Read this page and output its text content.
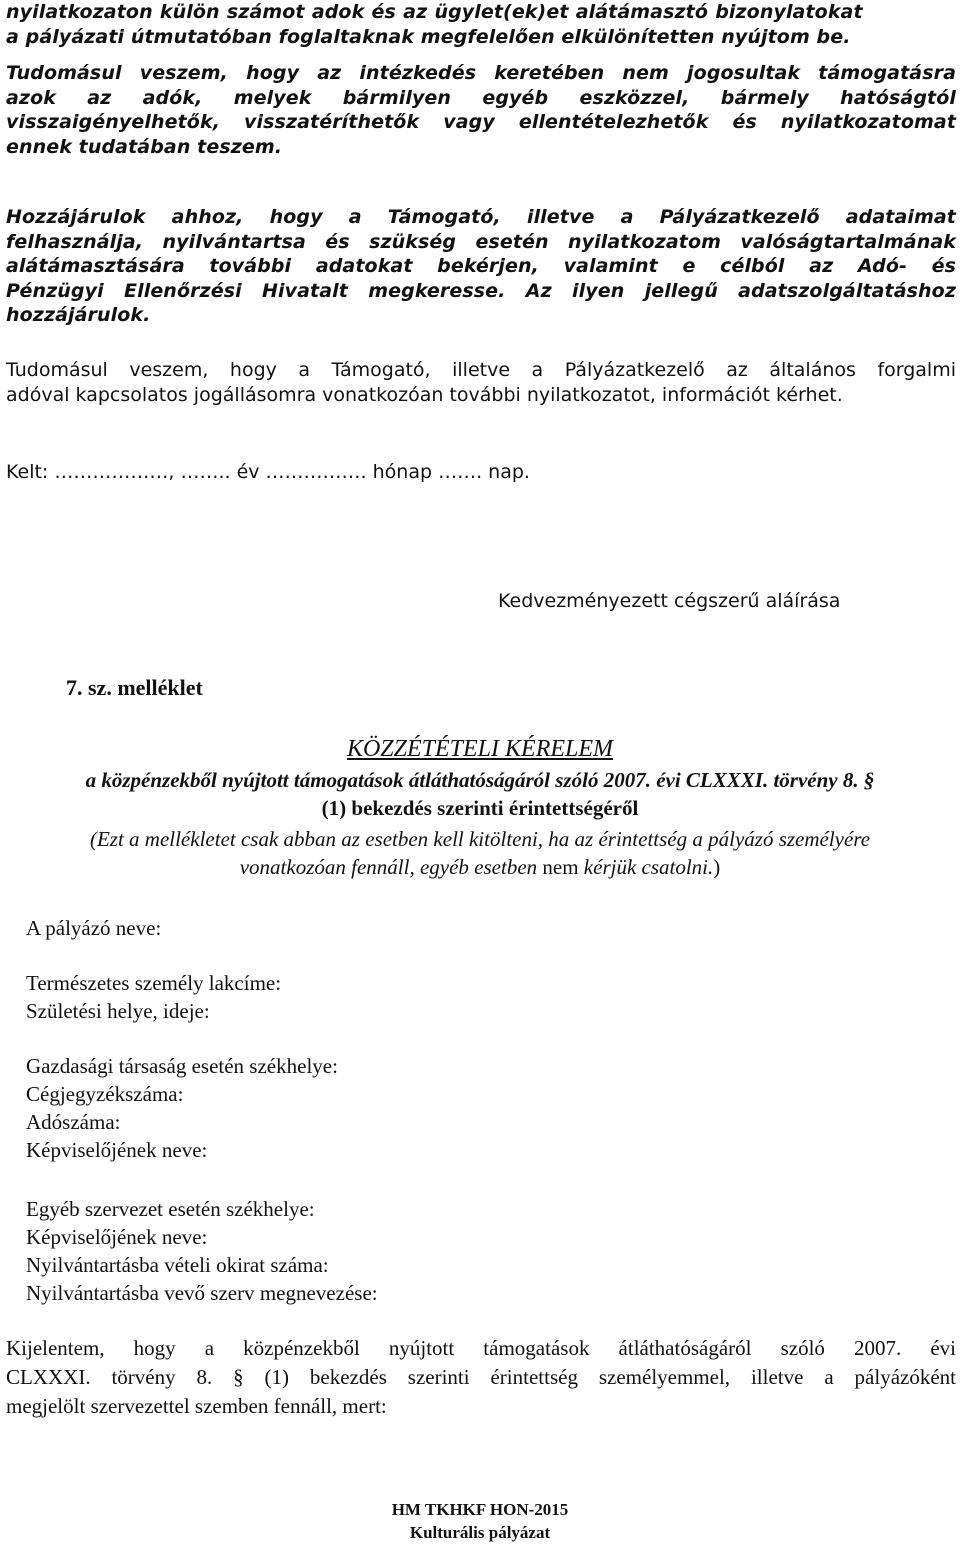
nyilatkozaton külön számot adok és az ügylet(ek)et alátámasztó bizonylatokat
a pályázati útmutatóban foglaltaknak megfelelően elkülönítetten nyújtom be.
Tudomásul veszem, hogy az intézkedés keretében nem jogosultak támogatásra
azok az adók, melyek bármilyen egyéb eszközzel, bármely hatóságtól
visszaigényelhetők, visszatéríthetők vagy ellentételezhetők és nyilatkozatomat
ennek tudatában teszem.
Hozzájárulok ahhoz, hogy a Támogató, illetve a Pályázatkezelő adataimat
felhasználja, nyilvántartsa és szükség esetén nyilatkozatom valóságtartalmának
alátámasztására további adatokat bekérjen, valamint e célból az Adó- és
Pénzügyi Ellenőrzési Hivatalt megkeresse. Az ilyen jellegű adatszolgáltatáshoz
hozzájárulok.
Tudomásul veszem, hogy a Támogató, illetve a Pályázatkezelő az általános forgalmi
adóval kapcsolatos jogállásomra vonatkozóan további nyilatkozatot, információt kérhet.
Kelt: ………………, …….. év ……………. hónap ……. nap.
Kedvezményezett cégszerű aláírása
7. sz. melléklet
KÖZZÉTÉTELI KÉRELEM
a közpénzekből nyújtott támogatások átláthatóságáról szóló 2007. évi CLXXXI. törvény 8. §
(1) bekezdés szerinti érintettségéről
(Ezt a mellékletet csak abban az esetben kell kitölteni, ha az érintettség a pályázó személyére
vonatkozóan fennáll, egyéb esetben nem kérjük csatolni.)
A pályázó neve:
Természetes személy lakcíme:
Születési helye, ideje:
Gazdasági társaság esetén székhelye:
Cégjegyzékszáma:
Adószáma:
Képviselőjének neve:
Egyéb szervezet esetén székhelye:
Képviselőjének neve:
Nyilvántartásba vételi okirat száma:
Nyilvántartásba vevő szerv megnevezése:
Kijelentem, hogy a közpénzekből nyújtott támogatások átláthatóságáról szóló 2007. évi
CLXXXI. törvény 8. § (1) bekezdés szerinti érintettség személyemmel, illetve a pályázóként
megjelölt szervezettel szemben fennáll, mert:
HM TKHKF HON-2015
Kulturális pályázat
